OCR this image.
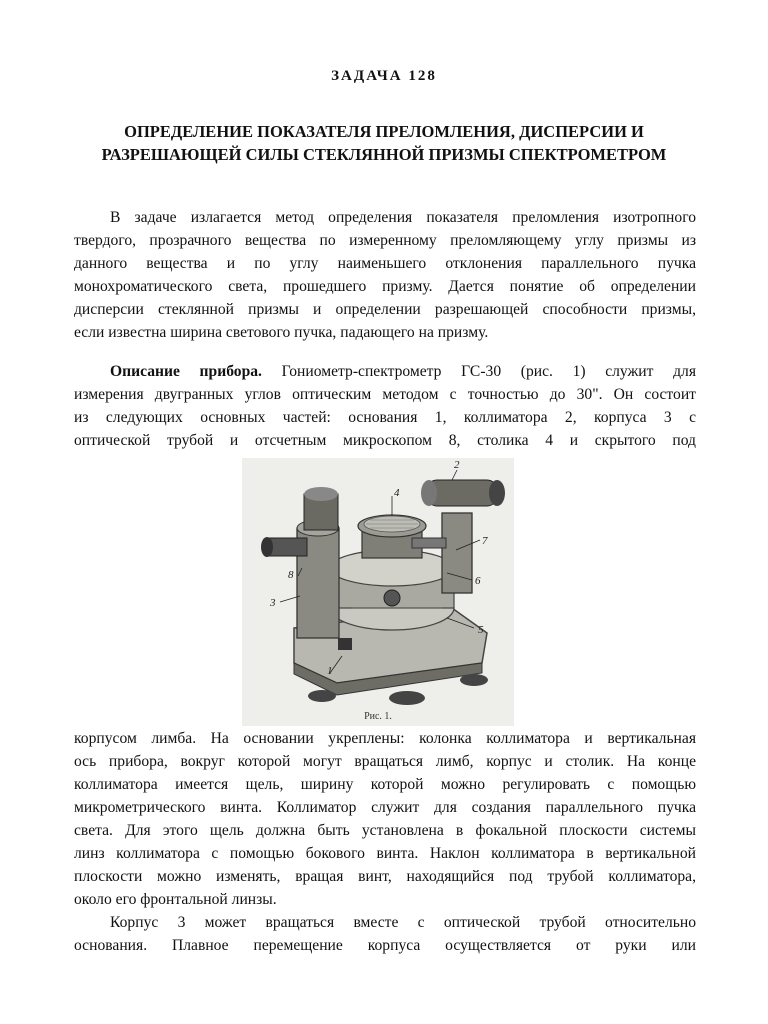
ЗАДАЧА 128
ОПРЕДЕЛЕНИЕ ПОКАЗАТЕЛЯ ПРЕЛОМЛЕНИЯ, ДИСПЕРСИИ И
РАЗРЕШАЮЩЕЙ СИЛЫ СТЕКЛЯННОЙ ПРИЗМЫ СПЕКТРОМЕТРОМ
В задаче излагается метод определения показателя преломления изотропного
твердого, прозрачного вещества по измеренному преломляющему углу призмы из
данного вещества и по углу наименьшего отклонения параллельного пучка
монохроматического света, прошедшего призму. Дается понятие об определении
дисперсии стеклянной призмы и определении разрешающей способности призмы,
если известна ширина светового пучка, падающего на призму.
Описание прибора. Гониометр-спектрометр ГС-30 (рис. 1) служит для
измерения двугранных углов оптическим методом с точностью до 30". Он состоит
из следующих основных частей: основания 1, коллиматора 2, корпуса 3 с
оптической трубой и отсчетным микроскопом 8, столика 4 и скрытого под
1
2
3
4
5
6
7
8
Рис. 1.
корпусом лимба. На основании укреплены: колонка коллиматора и вертикальная
ось прибора, вокруг которой могут вращаться лимб, корпус и столик. На конце
коллиматора имеется щель, ширину которой можно регулировать с помощью
микрометрического винта. Коллиматор служит для создания параллельного пучка
света. Для этого щель должна быть установлена в фокальной плоскости системы
линз коллиматора с помощью бокового винта. Наклон коллиматора в вертикальной
плоскости можно изменять, вращая винт, находящийся под трубой коллиматора,
около его фронтальной линзы.
Корпус 3 может вращаться вместе с оптической трубой относительно
основания. Плавное перемещение корпуса осуществляется от руки или
